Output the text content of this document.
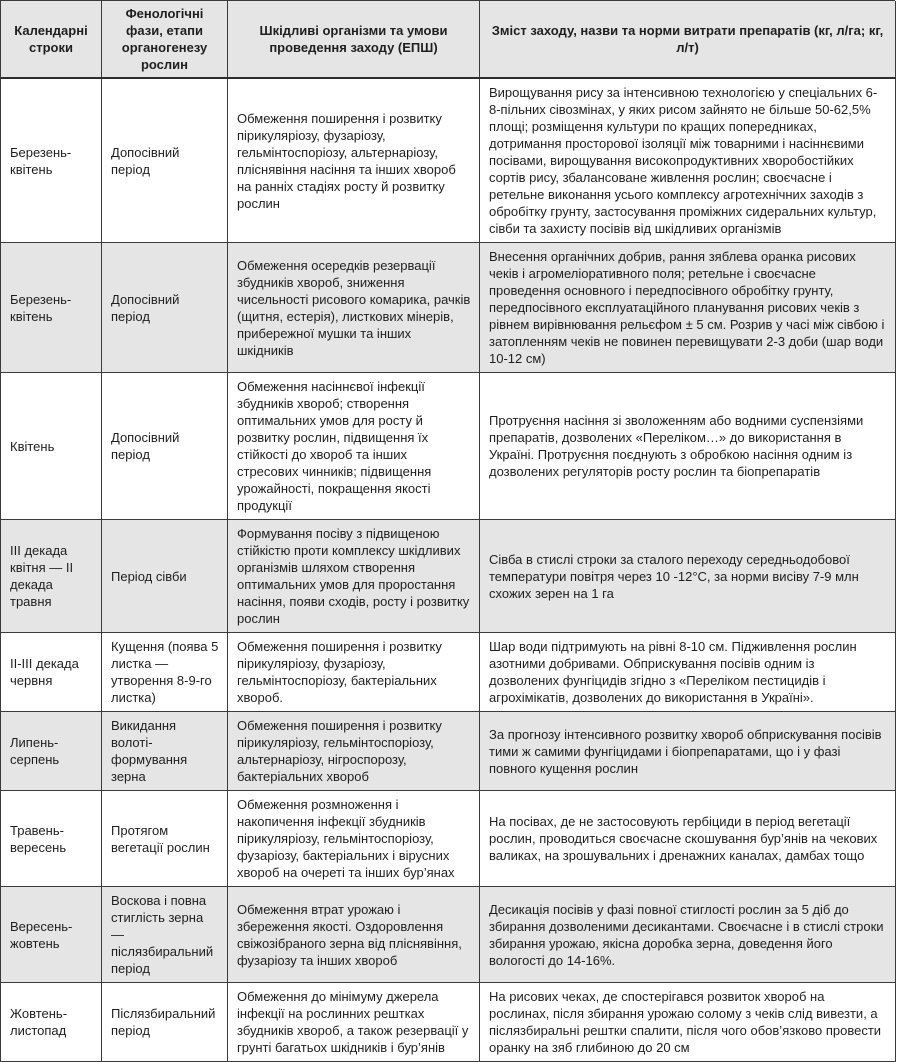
Календарні строки
Фенологічні фази, етапи органогенезу рослин
Шкідливі організми та умови проведення заходу (ЕПШ)
Зміст заходу, назви та норми витрати препаратів (кг, л/га; кг, л/т)
Березень-квітень
Допосівний період
Обмеження поширення і розвитку пірикуляріозу, фузаріозу, гельмінтоспоріозу, альтернаріозу, пліснявіння насіння та інших хвороб на ранніх стадіях росту й розвитку рослин
Вирощування рису за інтенсивною технологією у спеціальних 6-8-пільних сівозмінах, у яких рисом зайнято не більше 50-62,5% площі; розміщення культури по кращих попередниках, дотримання просторової ізоляції між товарними і насіннєвими посівами, вирощування високопродуктивних хворобостійких сортів рису, збалансоване живлення рослин; своєчасне і ретельне виконання усього комплексу агротехнічних заходів з обробітку грунту, застосування проміжних сидеральних культур, сівби та захисту посівів від шкідливих організмів
Березень-квітень
Допосівний період
Обмеження осередків резервації збудників хвороб, зниження чисельності рисового комарика, рачків (щитня, естерія), листкових мінерів, прибережної мушки та інших шкідників
Внесення органічних добрив, рання зяблева оранка рисових чеків і агромеліоративного поля; ретельне і своєчасне проведення основного і передпосівного обробітку грунту, передпосівного експлуатаційного планування рисових чеків з рівнем вирівнювання рельєфом ± 5 см. Розрив у часі між сівбою і затопленням чеків не повинен перевищувати 2-3 доби (шар води 10-12 см)
Квітень
Допосівний період
Обмеження насіннєвої інфекції збудників хвороб; створення оптимальних умов для росту й розвитку рослин, підвищення їх стійкості до хвороб та інших стресових чинників; підвищення урожайності, покращення якості продукції
Протруєння насіння зі зволоженням або водними суспензіями препаратів, дозволених «Переліком…» до використання в Україні. Протруєння поєднують з обробкою насіння одним із дозволених регуляторів росту рослин та біопрепаратів
ІІІ декада квітня — ІІ декада травня
Період сівби
Формування посіву з підвищеною стійкістю проти комплексу шкідливих організмів шляхом створення оптимальних умов для проростання насіння, появи сходів, росту і розвитку рослин
Сівба в стислі строки за сталого переходу середньодобової температури повітря через 10 -12°С, за норми висіву 7-9 млн схожих зерен на 1 га
ІІ-ІІІ декада червня
Кущення (поява 5 листка — утворення 8-9-го листка)
Обмеження поширення і розвитку пірикуляріозу, фузаріозу, гельмінтоспоріозу, бактеріальних хвороб.
Шар води підтримують на рівні 8-10 см. Підживлення рослин азотними добривами. Обприскування посівів одним із дозволених фунгіцидів згідно з «Переліком пестицидів і агрохімікатів, дозволених до використання в Україні».
Липень-серпень
Викидання волоті-формування зерна
Обмеження поширення і розвитку пірикуляріозу, гельмінтоспоріозу, альтернаріозу, нігроспорозу, бактеріальних хвороб
За прогнозу інтенсивного розвитку хвороб обприскування посівів тими ж самими фунгіцидами і біопрепаратами, що і у фазі повного кущення рослин
Травень-вересень
Протягом вегетації рослин
Обмеження розмноження і накопичення інфекції збудників пірикуляріозу, гельмінтоспоріозу, фузаріозу, бактеріальних і вірусних хвороб на очереті та інших бур’янах
На посівах, де не застосовують гербіциди в період вегетації рослин, проводиться своєчасне скошування бур’янів на чекових валиках, на зрошувальних і дренажних каналах, дамбах тощо
Вересень-жовтень
Воскова і повна стиглість зерна — післязбиральний період
Обмеження втрат урожаю і збереження якості. Оздоровлення свіжозібраного зерна від пліснявіння, фузаріозу та інших хвороб
Десикація посівів у фазі повної стиглості рослин за 5 діб до збирання дозволеними десикантами. Своєчасне і в стислі строки збирання урожаю, якісна доробка зерна, доведення його вологості до 14-16%.
Жовтень-листопад
Післязбиральний період
Обмеження до мінімуму джерела інфекції на рослинних рештках збудників хвороб, а також резервації у грунті багатьох шкідників і бур’янів
На рисових чеках, де спостерігався розвиток хвороб на рослинах, після збирання урожаю солому з чеків слід вивезти, а післязбиральні рештки спалити, після чого обов’язково провести оранку на зяб глибиною до 20 см
